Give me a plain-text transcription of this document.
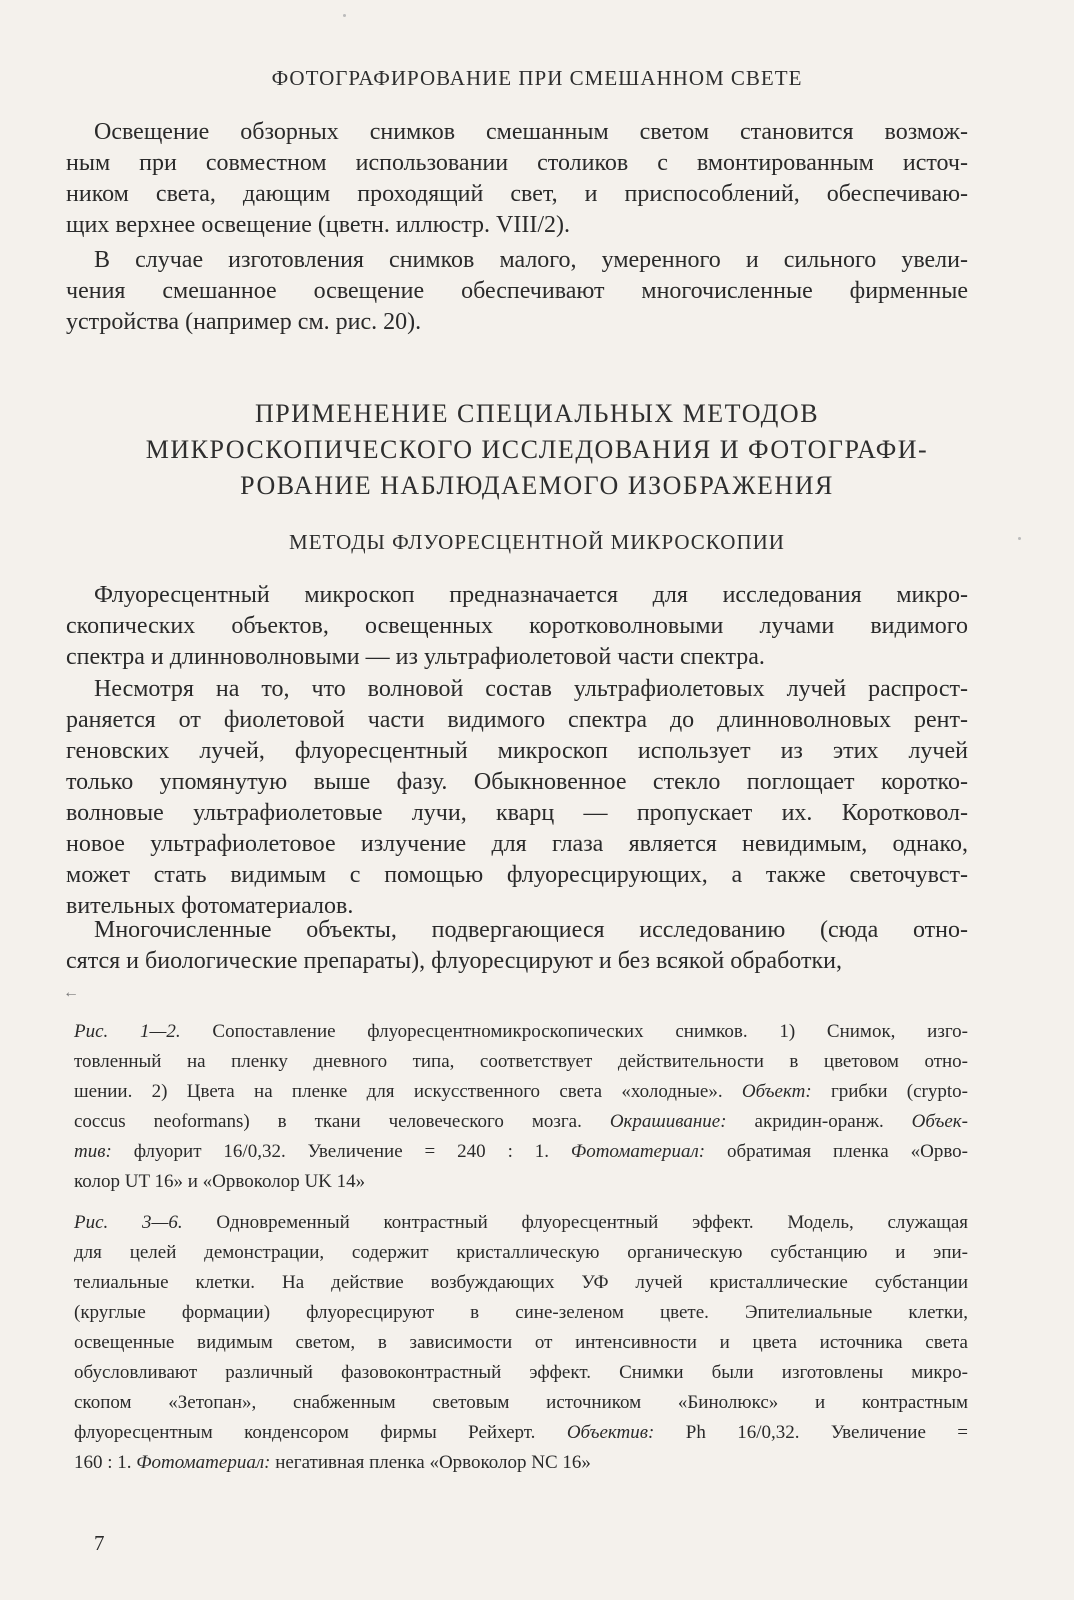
ФОТОГРАФИРОВАНИЕ ПРИ СМЕШАННОМ СВЕТЕ
Освещение обзорных снимков смешанным светом становится возмож-
ным при совместном использовании столиков с вмонтированным источ-
ником света, дающим проходящий свет, и приспособлений, обеспечиваю-
щих верхнее освещение (цветн. иллюстр. VIII/2).
В случае изготовления снимков малого, умеренного и сильного увели-
чения смешанное освещение обеспечивают многочисленные фирменные
устройства (например см. рис. 20).
ПРИМЕНЕНИЕ СПЕЦИАЛЬНЫХ МЕТОДОВ
МИКРОСКОПИЧЕСКОГО ИССЛЕДОВАНИЯ И ФОТОГРАФИ-
РОВАНИЕ НАБЛЮДАЕМОГО ИЗОБРАЖЕНИЯ
МЕТОДЫ ФЛУОРЕСЦЕНТНОЙ МИКРОСКОПИИ
Флуоресцентный микроскоп предназначается для исследования микро-
скопических объектов, освещенных коротковолновыми лучами видимого
спектра и длинноволновыми — из ультрафиолетовой части спектра.
Несмотря на то, что волновой состав ультрафиолетовых лучей распрост-
раняется от фиолетовой части видимого спектра до длинноволновых рент-
геновских лучей, флуоресцентный микроскоп использует из этих лучей
только упомянутую выше фазу. Обыкновенное стекло поглощает коротко-
волновые ультрафиолетовые лучи, кварц — пропускает их. Коротковол-
новое ультрафиолетовое излучение для глаза является невидимым, однако,
может стать видимым с помощью флуоресцирующих, а также светочувст-
вительных фотоматериалов.
Многочисленные объекты, подвергающиеся исследованию (сюда отно-
сятся и биологические препараты), флуоресцируют и без всякой обработки,
←
Рис. 1—2. Сопоставление флуоресцентномикроскопических снимков. 1) Снимок, изго-
товленный на пленку дневного типа, соответствует действительности в цветовом отно-
шении. 2) Цвета на пленке для искусственного света «холодные». Объект: грибки (crypto-
coccus neoformans) в ткани человеческого мозга. Окрашивание: акридин-оранж. Объек-
тив: флуорит 16/0,32. Увеличение = 240 : 1. Фотоматериал: обратимая пленка «Орво-
колор UT 16» и «Орвоколор UK 14»
Рис. 3—6. Одновременный контрастный флуоресцентный эффект. Модель, служащая
для целей демонстрации, содержит кристаллическую органическую субстанцию и эпи-
телиальные клетки. На действие возбуждающих УФ лучей кристаллические субстанции
(круглые формации) флуоресцируют в сине-зеленом цвете. Эпителиальные клетки,
освещенные видимым светом, в зависимости от интенсивности и цвета источника света
обусловливают различный фазовоконтрастный эффект. Снимки были изготовлены микро-
скопом «Зетопан», снабженным световым источником «Бинолюкс» и контрастным
флуоресцентным конденсором фирмы Рейхерт. Объектив: Ph 16/0,32. Увеличение =
160 : 1. Фотоматериал: негативная пленка «Орвоколор NC 16»
7
